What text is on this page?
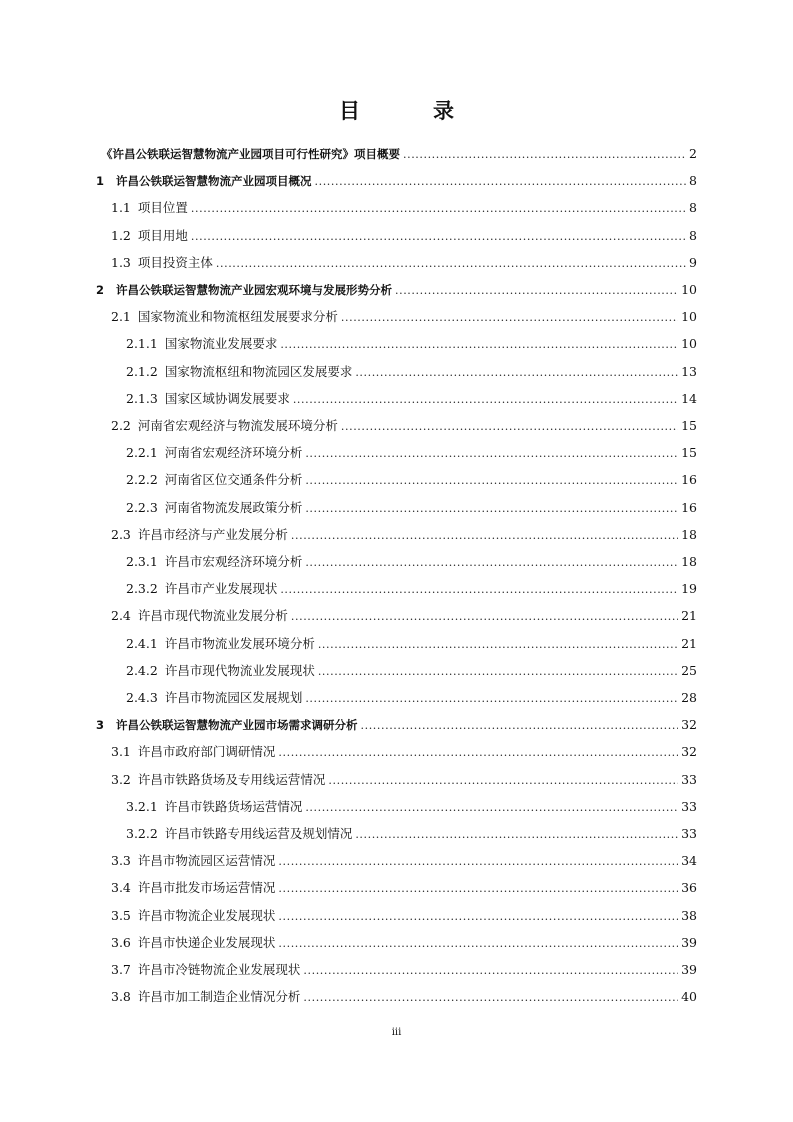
目　录
《许昌公铁联运智慧物流产业园项目可行性研究》项目概要 .....	2
1 许昌公铁联运智慧物流产业园项目概况 .....	8
1.1 项目位置 .....	8
1.2 项目用地 .....	8
1.3 项目投资主体 .....	9
2 许昌公铁联运智慧物流产业园宏观环境与发展形势分析 .....	10
2.1 国家物流业和物流枢纽发展要求分析 .....	10
2.1.1 国家物流业发展要求 .....	10
2.1.2 国家物流枢纽和物流园区发展要求 .....	13
2.1.3 国家区域协调发展要求 .....	14
2.2 河南省宏观经济与物流发展环境分析 .....	15
2.2.1 河南省宏观经济环境分析 .....	15
2.2.2 河南省区位交通条件分析 .....	16
2.2.3 河南省物流发展政策分析 .....	16
2.3 许昌市经济与产业发展分析 .....	18
2.3.1 许昌市宏观经济环境分析 .....	18
2.3.2 许昌市产业发展现状 .....	19
2.4 许昌市现代物流业发展分析 .....	21
2.4.1 许昌市物流业发展环境分析 .....	21
2.4.2 许昌市现代物流业发展现状 .....	25
2.4.3 许昌市物流园区发展规划 .....	28
3 许昌公铁联运智慧物流产业园市场需求调研分析 .....	32
3.1 许昌市政府部门调研情况 .....	32
3.2 许昌市铁路货场及专用线运营情况 .....	33
3.2.1 许昌市铁路货场运营情况 .....	33
3.2.2 许昌市铁路专用线运营及规划情况 .....	33
3.3 许昌市物流园区运营情况 .....	34
3.4 许昌市批发市场运营情况 .....	36
3.5 许昌市物流企业发展现状 .....	38
3.6 许昌市快递企业发展现状 .....	39
3.7 许昌市冷链物流企业发展现状 .....	39
3.8 许昌市加工制造企业情况分析 .....	40
iii
